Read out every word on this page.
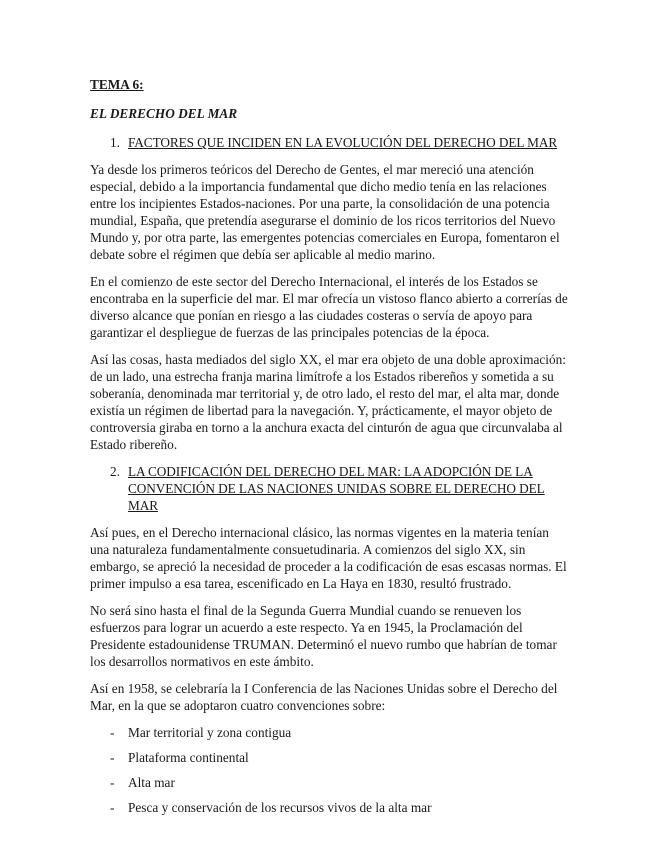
TEMA 6:

EL DERECHO DEL MAR

1. FACTORES QUE INCIDEN EN LA EVOLUCIÓN DEL DERECHO DEL MAR

Ya desde los primeros teóricos del Derecho de Gentes, el mar mereció una atención especial, debido a la importancia fundamental que dicho medio tenía en las relaciones entre los incipientes Estados-naciones. Por una parte, la consolidación de una potencia mundial, España, que pretendía asegurarse el dominio de los ricos territorios del Nuevo Mundo y, por otra parte, las emergentes potencias comerciales en Europa, fomentaron el debate sobre el régimen que debía ser aplicable al medio marino.

En el comienzo de este sector del Derecho Internacional, el interés de los Estados se encontraba en la superficie del mar. El mar ofrecía un vistoso flanco abierto a correrías de diverso alcance que ponían en riesgo a las ciudades costeras o servía de apoyo para garantizar el despliegue de fuerzas de las principales potencias de la época.

Así las cosas, hasta mediados del siglo XX, el mar era objeto de una doble aproximación: de un lado, una estrecha franja marina limítrofe a los Estados ribereños y sometida a su soberanía, denominada mar territorial y, de otro lado, el resto del mar, el alta mar, donde existía un régimen de libertad para la navegación. Y, prácticamente, el mayor objeto de controversia giraba en torno a la anchura exacta del cinturón de agua que circunvalaba al Estado ribereño.

2. LA CODIFICACIÓN DEL DERECHO DEL MAR: LA ADOPCIÓN DE LA CONVENCIÓN DE LAS NACIONES UNIDAS SOBRE EL DERECHO DEL MAR

Así pues, en el Derecho internacional clásico, las normas vigentes en la materia tenían una naturaleza fundamentalmente consuetudinaria. A comienzos del siglo XX, sin embargo, se apreció la necesidad de proceder a la codificación de esas escasas normas. El primer impulso a esa tarea, escenificado en La Haya en 1830, resultó frustrado.

No será sino hasta el final de la Segunda Guerra Mundial cuando se renueven los esfuerzos para lograr un acuerdo a este respecto. Ya en 1945, la Proclamación del Presidente estadounidense TRUMAN. Determinó el nuevo rumbo que habrían de tomar los desarrollos normativos en este ámbito.

Así en 1958, se celebraría la I Conferencia de las Naciones Unidas sobre el Derecho del Mar, en la que se adoptaron cuatro convenciones sobre:

-	Mar territorial y zona contigua
-	Plataforma continental
-	Alta mar
-	Pesca y conservación de los recursos vivos de la alta mar
